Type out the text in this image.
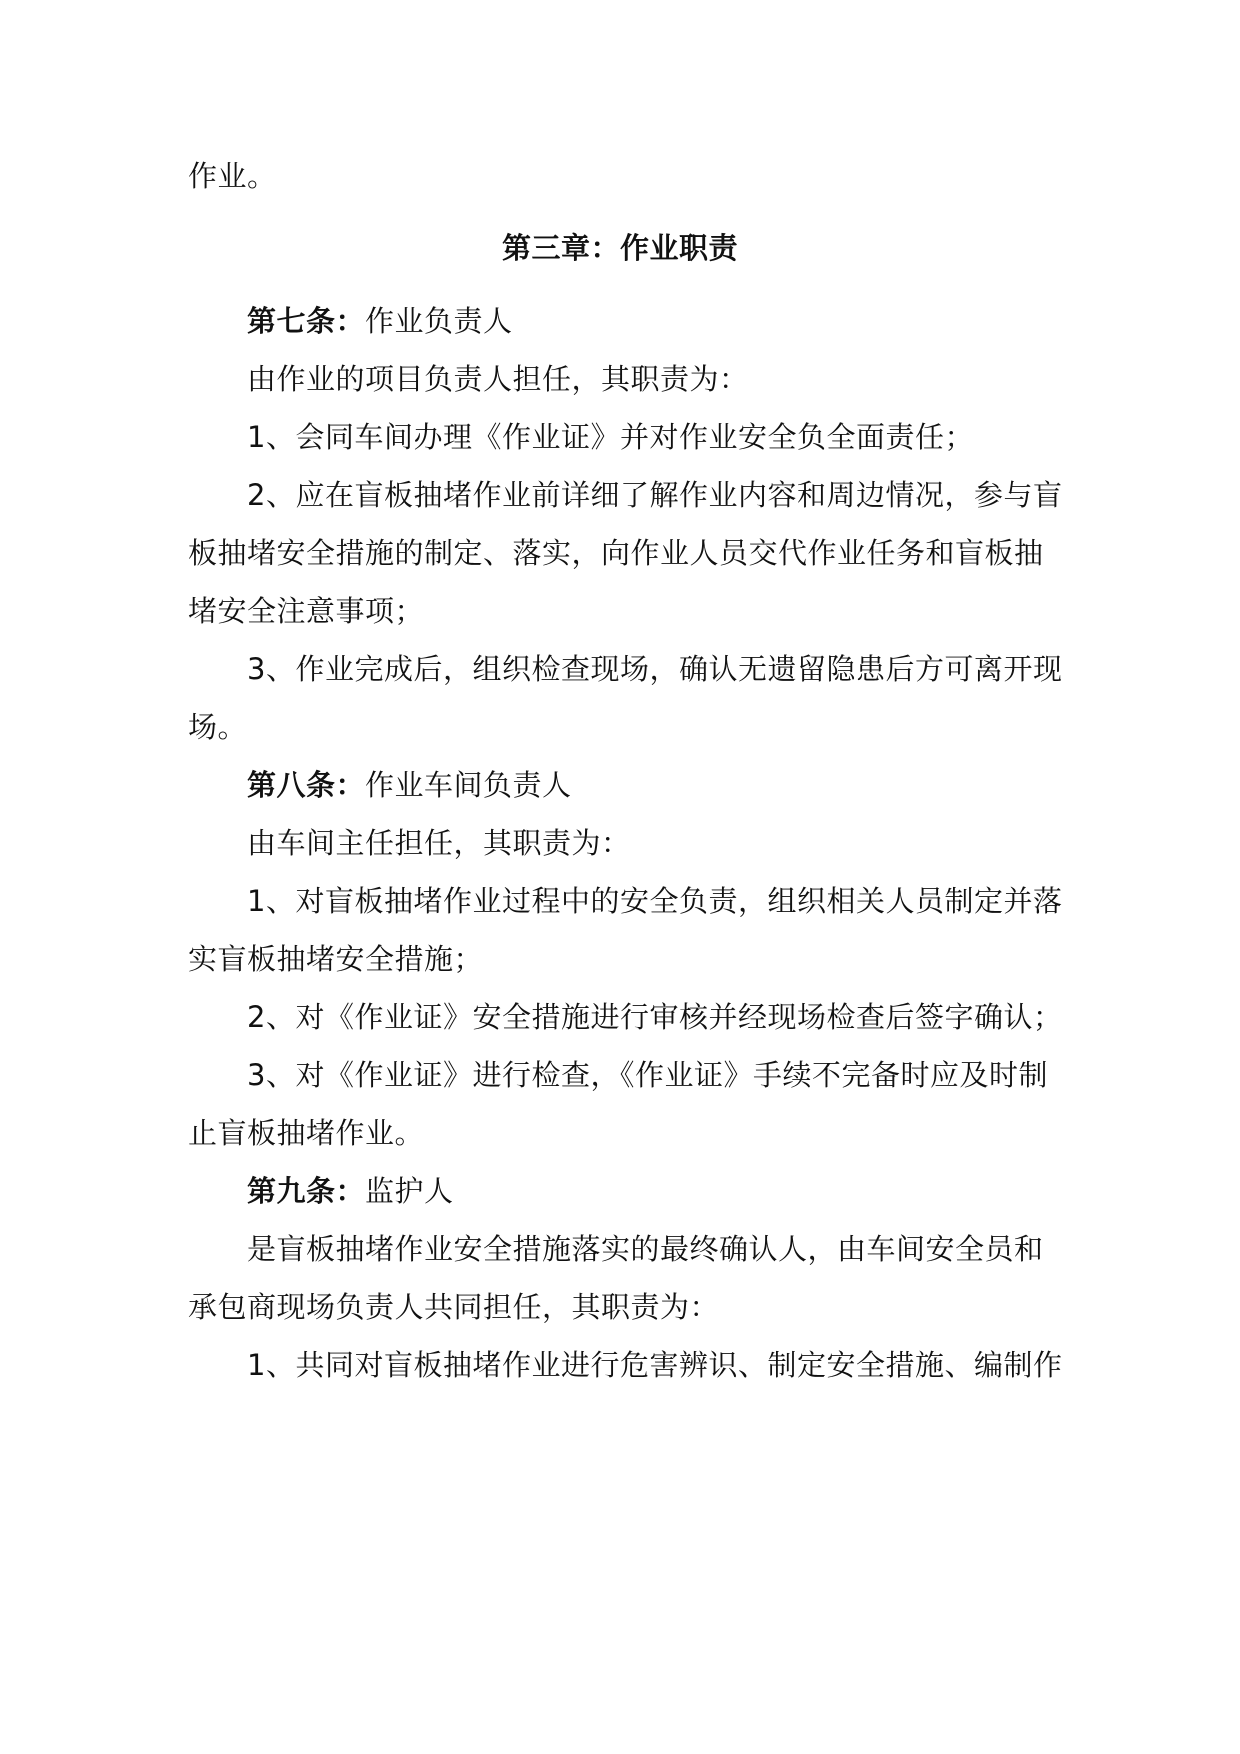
作业。
第三章：作业职责
第七条：作业负责人
由作业的项目负责人担任，其职责为：
1、会同车间办理《作业证》并对作业安全负全面责任；
2、应在盲板抽堵作业前详细了解作业内容和周边情况，参与盲
板抽堵安全措施的制定、落实，向作业人员交代作业任务和盲板抽
堵安全注意事项；
3、作业完成后，组织检查现场，确认无遗留隐患后方可离开现
场。
第八条：作业车间负责人
由车间主任担任，其职责为：
1、对盲板抽堵作业过程中的安全负责，组织相关人员制定并落
实盲板抽堵安全措施；
2、对《作业证》安全措施进行审核并经现场检查后签字确认；
3、对《作业证》进行检查，《作业证》手续不完备时应及时制
止盲板抽堵作业。
第九条：监护人
是盲板抽堵作业安全措施落实的最终确认人，由车间安全员和
承包商现场负责人共同担任，其职责为：
1、共同对盲板抽堵作业进行危害辨识、制定安全措施、编制作
